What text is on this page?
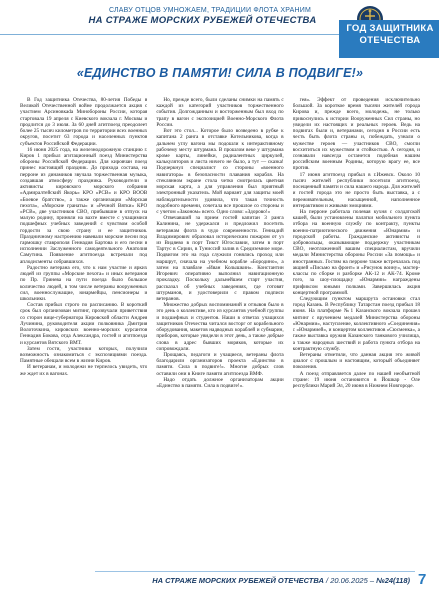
СЛАВУ ОТЦОВ УМНОЖАЕМ, ТРАДИЦИИ ФЛОТА ХРАНИМ
НА СТРАЖЕ МОРСКИХ РУБЕЖЕЙ ОТЕЧЕСТВА
ГОД ЗАЩИТНИКА
ОТЕЧЕСТВА
«ЕДИНСТВО В ПАМЯТИ! СИЛА В ПОДВИГЕ!»

В Год защитника Отечества, 80-летия Победы в Великой Отечественной войне продолжается акция с участием Арсиновкаda Минобороны России, которая стартовала 19 апреля с Киевского вокзала г. Москвы и продлится до 3 июля. За 60 дней агитпоезд преодолеет более 25 тысяч километров по территории всех военных округов, посетит 63 города и населенных пунктов субъектов Российской Федерации.

16 июня 2025 года, на железнодорожную станцию г. Киров 1 прибыл агитационный поезд Министерства обороны Российской Федерации. Для кировчан поезд принес настоящий праздник. До прихода состава, на перроне из динамиков звучала торжественная музыка, создавшая атмосферу праздника. Руководители и активисты кировского морского собрания «Адмиралтейский Якорь» КРО «РСВ» и КРО ВООВ «Боевое братство», а также организации «Морская пехота», «Морские гранаты» и «Речной Вятки» КРО «РСВ», две участников СВО, прибывшие в отпуск на малую родину, приняли на вахте вместе с учащимися подшефных учебных заведений с чувством особой гордости за свою страну и ее защитников. Праздничному настроению навевали морские песни под гармошку ставрополя Геннадия Бартова и его песни в исполнении Заслуженного самодеятельного Анатолия Самутина. Появление агитпоезда встречали под аплодисменты собравшихся.

Радостно ветерана его, что к нам участие и ярких людей из группы «Морские пехота» и иных ветеранов по Пр. Гринева на пути поезда было большое количество людей, в том числе ветераны вооруженных сил, военнослужащие, юнармейцы, пенсионеры и школьники.

Состав прибыл строго по расписанию. В короткий срок был организован митинг, прозвучали приветствия со сторон вице-губернатора Кировской области Андрея Лучинина, руководителя акции полковника Дмитрия Волоточкина, кировских военно-морских курсантов Геннадия Бокова, отда Александра, гостей и агитпоезда и курсантов Вятского ВМТ.

Затем гости, участники которых, получили возможность ознакомиться с экспозициями поезда. Памятные обещали всем в жизни Киров.

И ветеранам, и молодежи не терпелось увидеть, что же ждет их в вагонах.

Но, прежде всего, были сделаны снимки на память с каждой из категорий участников торжественного события. Долгожданным и восторженным был вход по трапу в вагон с экспозицией Военно-Морского Флота России.

Вот это стол... Которое было возведено в рубке к капитана 2 ранга в отставке Котельникова, когда в дальнем углу вагона мы подошли к интерактивному рабочему месту штурмана. В прошлом веке у штурмана кроме карты, линейки, радиалентных циркулей, калькуляторов и листа ничего не было, а тут — сказка! Подчеркнул специалист со стороны «военного навигатора» в безопасности плавания корабля. На стеклянном экране стола четко смотрелась цветная морская карта, а для управления был приятный электронный указатель. Мой вариант для защиты моей наблюдательности удивила, что такая точность подобного времени, сочетала все прошлое со стороны и с учетом «Законом» всего. Одно слово: «Здорово!»

Отвечавший за прием гостей капитан 3 ранга Калинина, не удержался и предложил посетить ветеранам флота в чудо современности. Геннадий Владимирович образовал историческим пожаром от уз из Видяево в порт Тикст Югославии, затем в порт Тартус в Сирии, в Туниссий залив в Средиземное море. Подвигом это на года служили гонялись проход или маршрут, сначала на учебном корабле «Бородино», а затем на плавбазе «Иван Колышкин». Константин Игоревич оперативно выполнил навигационную прокладку. Поскольку дальнейшем старт участия, рассказал об учебных заведениях, где готовят штурманов, и удостоверили с правом подписи ветеранов.

Множество добрых воспоминаний и отзывов было в это день о коллективе, кто из курсантов учебной группы и подшефных и студентов. Наши в ответах учащихся защитников Отечества читался восторг от корабельного оборудования, макетов надводных кораблей и субмарин, приборов, которые увидели в этот день, а также добрые слова в адрес бывших моряков, которые их сопровождали.

Прощаясь, педагоги и учащиеся, ветераны флота благодарили организаторов проекта «Единство в памяти. Сила в подвиге!». Многие добрых слов оставили они в Книге памяти агитпоезда ВМФ.

Надо отдать должное организаторам акции «Единство в памяти. Сила в подвиге!».

гея». Эффект от проведения исключительно большой. За короткое время тысячи жителей города Кирова и, прежде всего, молодежь, не только прикоснулись к истории Вооруженных Сил страны, но увидели их настоящих и реальных героев. Ведь на подвигах были и, ветеранами, сегодня в России есть честь быть флота страны и, побеждать, узнали о мужестве героев — участников СВО, смогли восхититься их мужеством и стойкостью. А сегодня, и сознавали навсегда останется подобная нашим российским военным Родины, которую врагу ее, все против.

17 июня агитпоезд прибыл в г.Ижевск. Около 10 тысяч жителей республики посетили агитпоезд, посещенный памяти и сила нашего народа. Для жителей и гостей города это не просто быть выставка, а с переживательным, насыщенной, наполненное интерактивом и живыми эмоциями.

На перроне работала полевая кухня с солдатской кашей, были установлены палатки мобильного пункта отбора на военную службу по контракту, пункты военно-патриотического движения «Юнармия» и городской работы. Гражданские активисты и добровольцы, оказывающие поддержку участникам СВО, неотложенной вашим специалистам, вручили медали Министерства обороны России «За помощь» и иностранных. Гостям на перроне также встречалась под акцией «Письмо на фронт» и «Рисунок воину», мастер-классы по сборке и разборке АК-12 и АК-74. Кроме того, за шоу-площадку «Юнармии» награждены прификсом юными полками. Завершилась акция концертной программой.

Следующим пунктом маршрута остановки стал город Казань. В Республику Татарстан поезд прибыл 18 июня. На платформе №1 Казанского вокзала прошел митинг с вручением медалей Министерства обороны «Юнармии», наступление, коллективного «Соединения» с «Юнармией», и концертом коллективов «Сюсменка», а также выставка оружия Казанского танкового училища, а также народных шествий и работа пункта отбора на контрактную службу.

Ветераны отметили, что данная акция это живой диалог с прошлым и настоящим, который объединяет поколения.

А поезд отправляется далее по нашей необъятной стране: 19 июня остановится в Йошкар - Оле республики Марий Эл, 20 июня в Нижнем Новгороде.

НА СТРАЖЕ МОРСКИХ РУБЕЖЕЙ ОТЕЧЕСТВА / 20.06.2025 – №24(118) 7
